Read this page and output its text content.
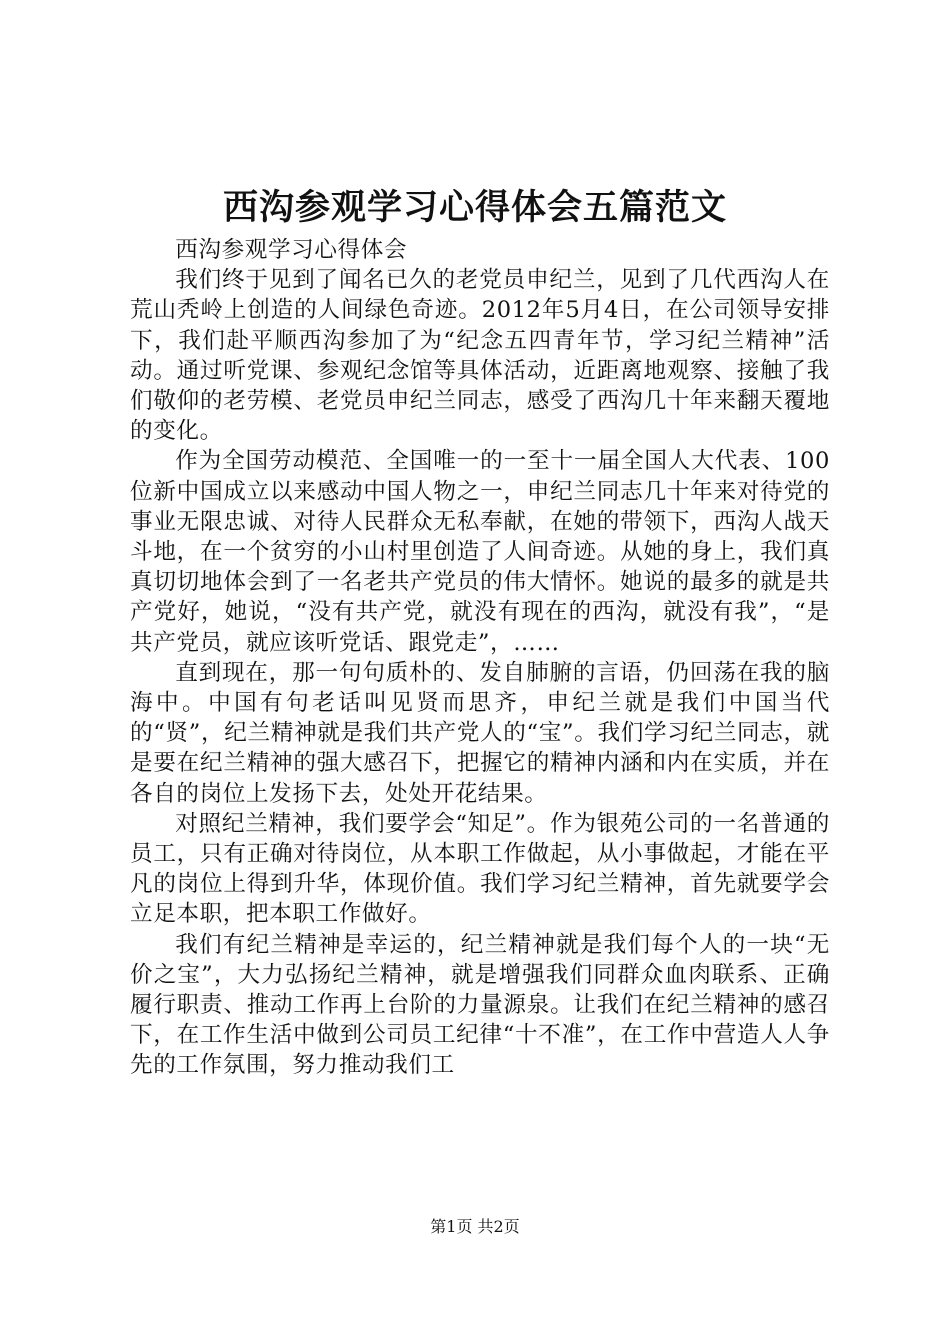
西沟参观学习心得体会五篇范文

西沟参观学习心得体会

我们终于见到了闻名已久的老党员申纪兰，见到了几代西沟人在荒山秃岭上创造的人间绿色奇迹。2012年5月4日，在公司领导安排下，我们赴平顺西沟参加了为“纪念五四青年节，学习纪兰精神”活动。通过听党课、参观纪念馆等具体活动，近距离地观察、接触了我们敬仰的老劳模、老党员申纪兰同志，感受了西沟几十年来翻天覆地的变化。

作为全国劳动模范、全国唯一的一至十一届全国人大代表、100位新中国成立以来感动中国人物之一，申纪兰同志几十年来对待党的事业无限忠诚、对待人民群众无私奉献，在她的带领下，西沟人战天斗地，在一个贫穷的小山村里创造了人间奇迹。从她的身上，我们真真切切地体会到了一名老共产党员的伟大情怀。她说的最多的就是共产党好，她说，“没有共产党，就没有现在的西沟，就没有我”，“是共产党员，就应该听党话、跟党走”，……

直到现在，那一句句质朴的、发自肺腑的言语，仍回荡在我的脑海中。中国有句老话叫见贤而思齐，申纪兰就是我们中国当代的“贤”，纪兰精神就是我们共产党人的“宝”。我们学习纪兰同志，就是要在纪兰精神的强大感召下，把握它的精神内涵和内在实质，并在各自的岗位上发扬下去，处处开花结果。

对照纪兰精神，我们要学会“知足”。作为银苑公司的一名普通的员工，只有正确对待岗位，从本职工作做起，从小事做起，才能在平凡的岗位上得到升华，体现价值。我们学习纪兰精神，首先就要学会立足本职，把本职工作做好。

我们有纪兰精神是幸运的，纪兰精神就是我们每个人的一块“无价之宝”，大力弘扬纪兰精神，就是增强我们同群众血肉联系、正确履行职责、推动工作再上台阶的力量源泉。让我们在纪兰精神的感召下，在工作生活中做到公司员工纪律“十不准”，在工作中营造人人争先的工作氛围，努力推动我们工

第1页 共2页
